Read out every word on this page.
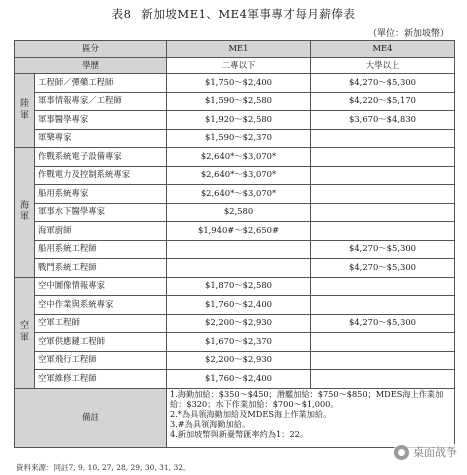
表8 新加坡ME1、ME4軍事專才每月薪俸表
（單位：新加坡幣）
區分		ME1	ME4
學歷		二專以下	大學以上

陸軍	工程師／彈藥工程師	$1,750～$2,400	$4,270～$5,300
	軍事情報專家／工程師	$1,590～$2,580	$4,220～$5,170
	軍事醫學專家	$1,920～$2,580	$3,670～$4,830
	軍樂專家	$1,590～$2,370	

海軍	作戰系統電子設備專家	$2,640*～$3,070*	
	作戰電力及控制系統專家	$2,640*～$3,070*	
	船用系統專家	$2,640*～$3,070*	
	軍事水下醫學專家	$2,580	
	海軍廚師	$1,940#～$2,650#	
	船用系統工程師		$4,270～$5,300
	戰鬥系統工程師		$4,270～$5,300

空軍	空中圖像情報專家	$1,870～$2,580	
	空中作業與系統專家	$1,760～$2,400	
	空軍工程師	$2,200～$2,930	$4,270～$5,300
	空軍供應鏈工程師	$1,670～$2,370	
	空軍飛行工程師	$2,200～$2,930	
	空軍維修工程師	$1,760～$2,400	
備註		1.海勤加給：$350～$450；潛艦加給：$750～$850；MDES海上作業加給：$320；水下作業加給：$700～$1,000。
2.*為具領海勤加給及MDES海上作業加給。
3.#為具領海勤加給。
4.新加坡幣與新臺幣匯率約為1：22。	
資料來源：同註7, 9, 10, 27, 28, 29, 30, 31, 32。
桌面战争
